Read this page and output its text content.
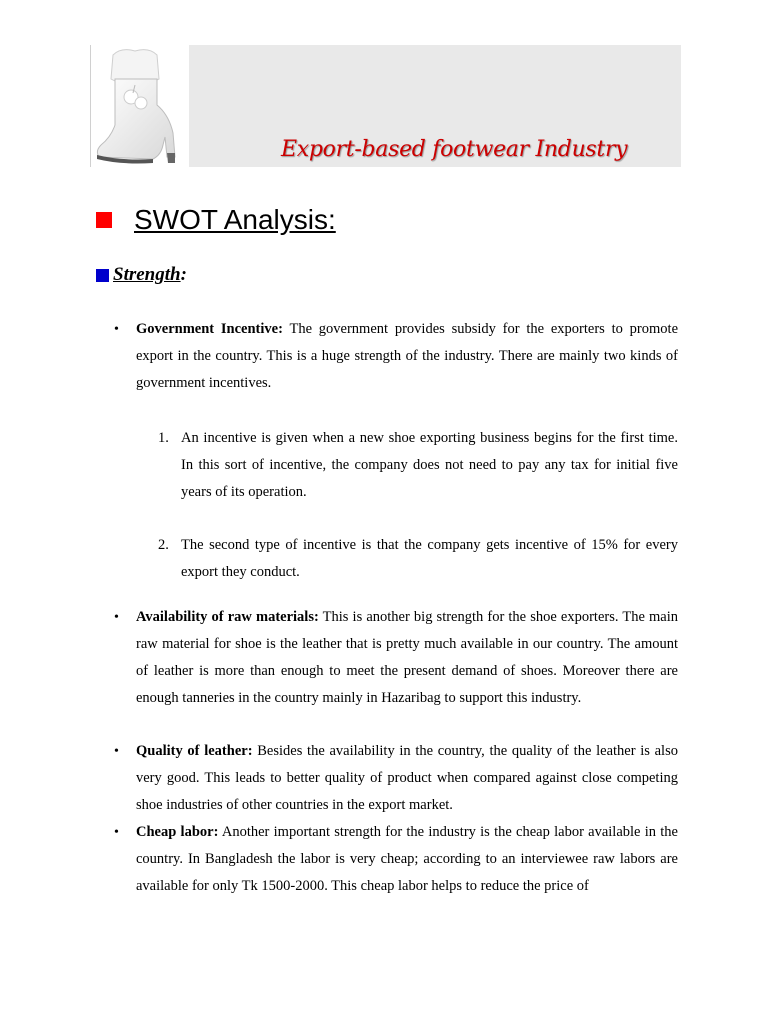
Export-based footwear Industry
SWOT Analysis:
Strength:
• Government Incentive: The government provides subsidy for the exporters to promote export in the country. This is a huge strength of the industry. There are mainly two kinds of government incentives.
1. An incentive is given when a new shoe exporting business begins for the first time. In this sort of incentive, the company does not need to pay any tax for initial five years of its operation.
2. The second type of incentive is that the company gets incentive of 15% for every export they conduct.
• Availability of raw materials: This is another big strength for the shoe exporters. The main raw material for shoe is the leather that is pretty much available in our country. The amount of leather is more than enough to meet the present demand of shoes. Moreover there are enough tanneries in the country mainly in Hazaribag to support this industry.
• Quality of leather: Besides the availability in the country, the quality of the leather is also very good. This leads to better quality of product when compared against close competing shoe industries of other countries in the export market.
• Cheap labor: Another important strength for the industry is the cheap labor available in the country. In Bangladesh the labor is very cheap; according to an interviewee raw labors are available for only Tk 1500-2000. This cheap labor helps to reduce the price of
